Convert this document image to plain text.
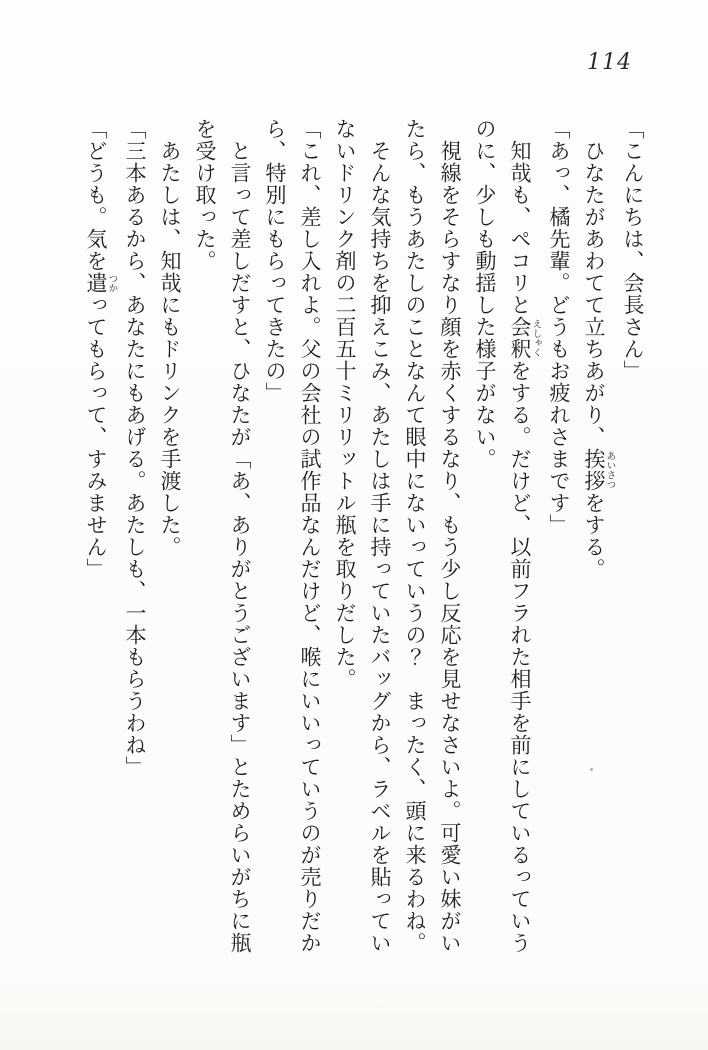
114

「こんにちは、会長さん」

ひなたがあわてて立ちあがり、挨拶あいさつをする。

「あっ、橘先輩。どうもお疲れさまです」

知哉も、ペコリと会釈えしゃくをする。だけど、以前フラれた相手を前にしているっていうのに、少しも動揺した様子がない。

視線をそらすなり顔を赤くするなり、もう少し反応を見せなさいよ。可愛い妹がいたら、もうあたしのことなんて眼中にないっていうの？　まったく、頭に来るわね。

そんな気持ちを抑えこみ、あたしは手に持っていたバッグから、ラベルを貼っていないドリンク剤の二百五十ミリリットル瓶を取りだした。

「これ、差し入れよ。父の会社の試作品なんだけど、喉にいいっていうのが売りだから、特別にもらってきたの」

と言って差しだすと、ひなたが「あ、ありがとうございます」とためらいがちに瓶を受け取った。

あたしは、知哉にもドリンクを手渡した。

「三本あるから、あなたにもあげる。あたしも、一本もらうわね」

「どうも。気を遣つかってもらって、すみません」
